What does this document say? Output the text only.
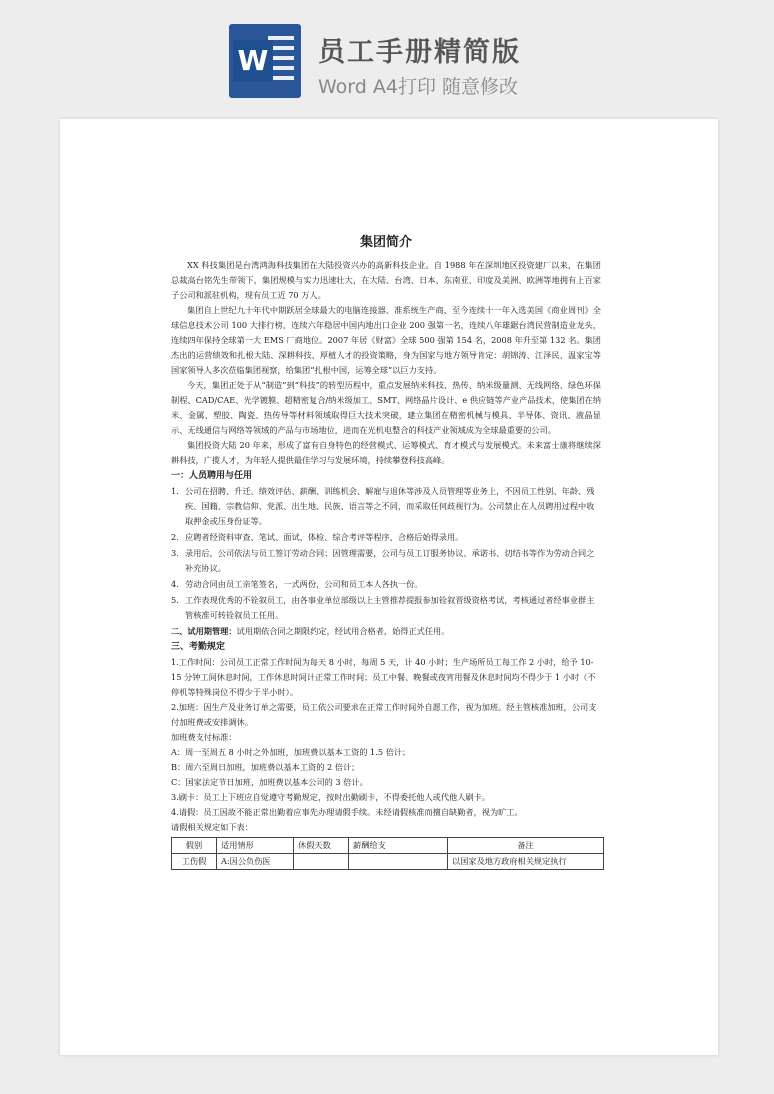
W 员工手册精简版
Word A4打印 随意修改

集团简介

XX 科技集团是台湾鸿海科技集团在大陆投资兴办的高新科技企业。自 1988 年在深圳地区投资建厂以来，在集团总裁高台铭先生带领下，集团规模与实力迅速壮大，在大陆、台湾、日本、东南亚、印度及美洲、欧洲等地拥有上百家子公司和派驻机构，现有员工近 70 万人。

集团自上世纪九十年代中期跃居全球最大的电脑连接器、准系统生产商，至今连续十一年入选美国《商业周刊》全球信息技术公司 100 大排行榜，连续六年稳居中国内地出口企业 200 强第一名，连续八年雄踞台湾民营制造业龙头，连续四年保持全球第一大 EMS 厂商地位。2007 年居《财富》全球 500 强第 154 名，2008 年升至第 132 名。集团杰出的运营绩效和扎根大陆、深耕科技、厚植人才的投资策略，身为国家与地方领导肯定：胡锦涛、江泽民、温家宝等国家领导人多次莅临集团视察，给集团“扎根中国，运筹全球”以巨力支持。

今天，集团正处于从“制造”到“科技”的转型历程中，重点发展纳米科技、热传、纳米级量测、无线网络、绿色环保制程、CAD/CAE、光学镀膜、超精密复合/纳米级加工、SMT、网络晶片设计、e 供应链等产业产品技术，使集团在纳米、金属、塑胶、陶瓷、热传导等材料领域取得巨大技术突破，建立集团在精密机械与模具、半导体、资讯、液晶显示、无线通信与网络等领域的产品与市场地位，进而在光机电整合的科技产业领域成为全球最重要的公司。

集团投资大陆 20 年来，形成了富有自身特色的经营模式、运筹模式、育才模式与发展模式。未来富士康将继续深耕科技，广揽人才，为年轻人提供最佳学习与发展环境，持续攀登科技高峰。

一：人员聘用与任用

1. 公司在招聘、升迁、绩效评估、薪酬、训练机会、解雇与退休等涉及人员管理等业务上，不因员工性别、年龄、残疾、国籍、宗教信仰、党派、出生地、民族、语言等之不同，而采取任何歧视行为。公司禁止在人员聘用过程中收取押金或压身份证等。
2. 应聘者经资料审查、笔试、面试、体检、综合考评等程序，合格后始得录用。
3. 录用后，公司依法与员工签订劳动合同；因管理需要，公司与员工订服务协议、承诺书、切结书等作为劳动合同之补充协议。
4. 劳动合同由员工亲笔签名，一式两份，公司和员工本人各执一份。
5. 工作表现优秀的不铨叙员工，由各事业单位部级以上主管推荐提报参加铨叙晋级资格考试，考核通过者经事业群主管核准可转铨叙员工任用。

二、试用期管理：试用期依合同之期限约定，经试用合格者，始得正式任用。

三、考勤规定

1.工作时间：公司员工正常工作时间为每天 8 小时，每周 5 天，计 40 小时；生产场所员工每工作 2 小时，给予 10-15 分钟工间休息时间，工作休息时间计正常工作时间；员工中餐、晚餐或夜宵用餐及休息时间均不得少于 1 小时（不停机等特殊岗位不得少于半小时）。

2.加班：因生产及业务订单之需要，员工依公司要求在正常工作时间外自愿工作，视为加班。经主管核准加班，公司支付加班费或安排调休。

加班费支付标准：

A：周一至周五 8 小时之外加班，加班费以基本工资的 1.5 倍计；

B：周六至周日加班，加班费以基本工资的 2 倍计；

C：国家法定节日加班，加班费以基本公司的 3 倍计。

3.刷卡：员工上下班应自觉遵守考勤规定，按时出勤刷卡，不得委托他人或代他人刷卡。

4.请假：员工因故不能正常出勤着应事先办理请假手续。未经请假核准而擅自缺勤者，视为旷工。

请假相关规定如下表：

假别	适用情形	休假天数	薪酬给支	备注
工伤假	A:因公负伤医			以国家及地方政府相关规定执行
